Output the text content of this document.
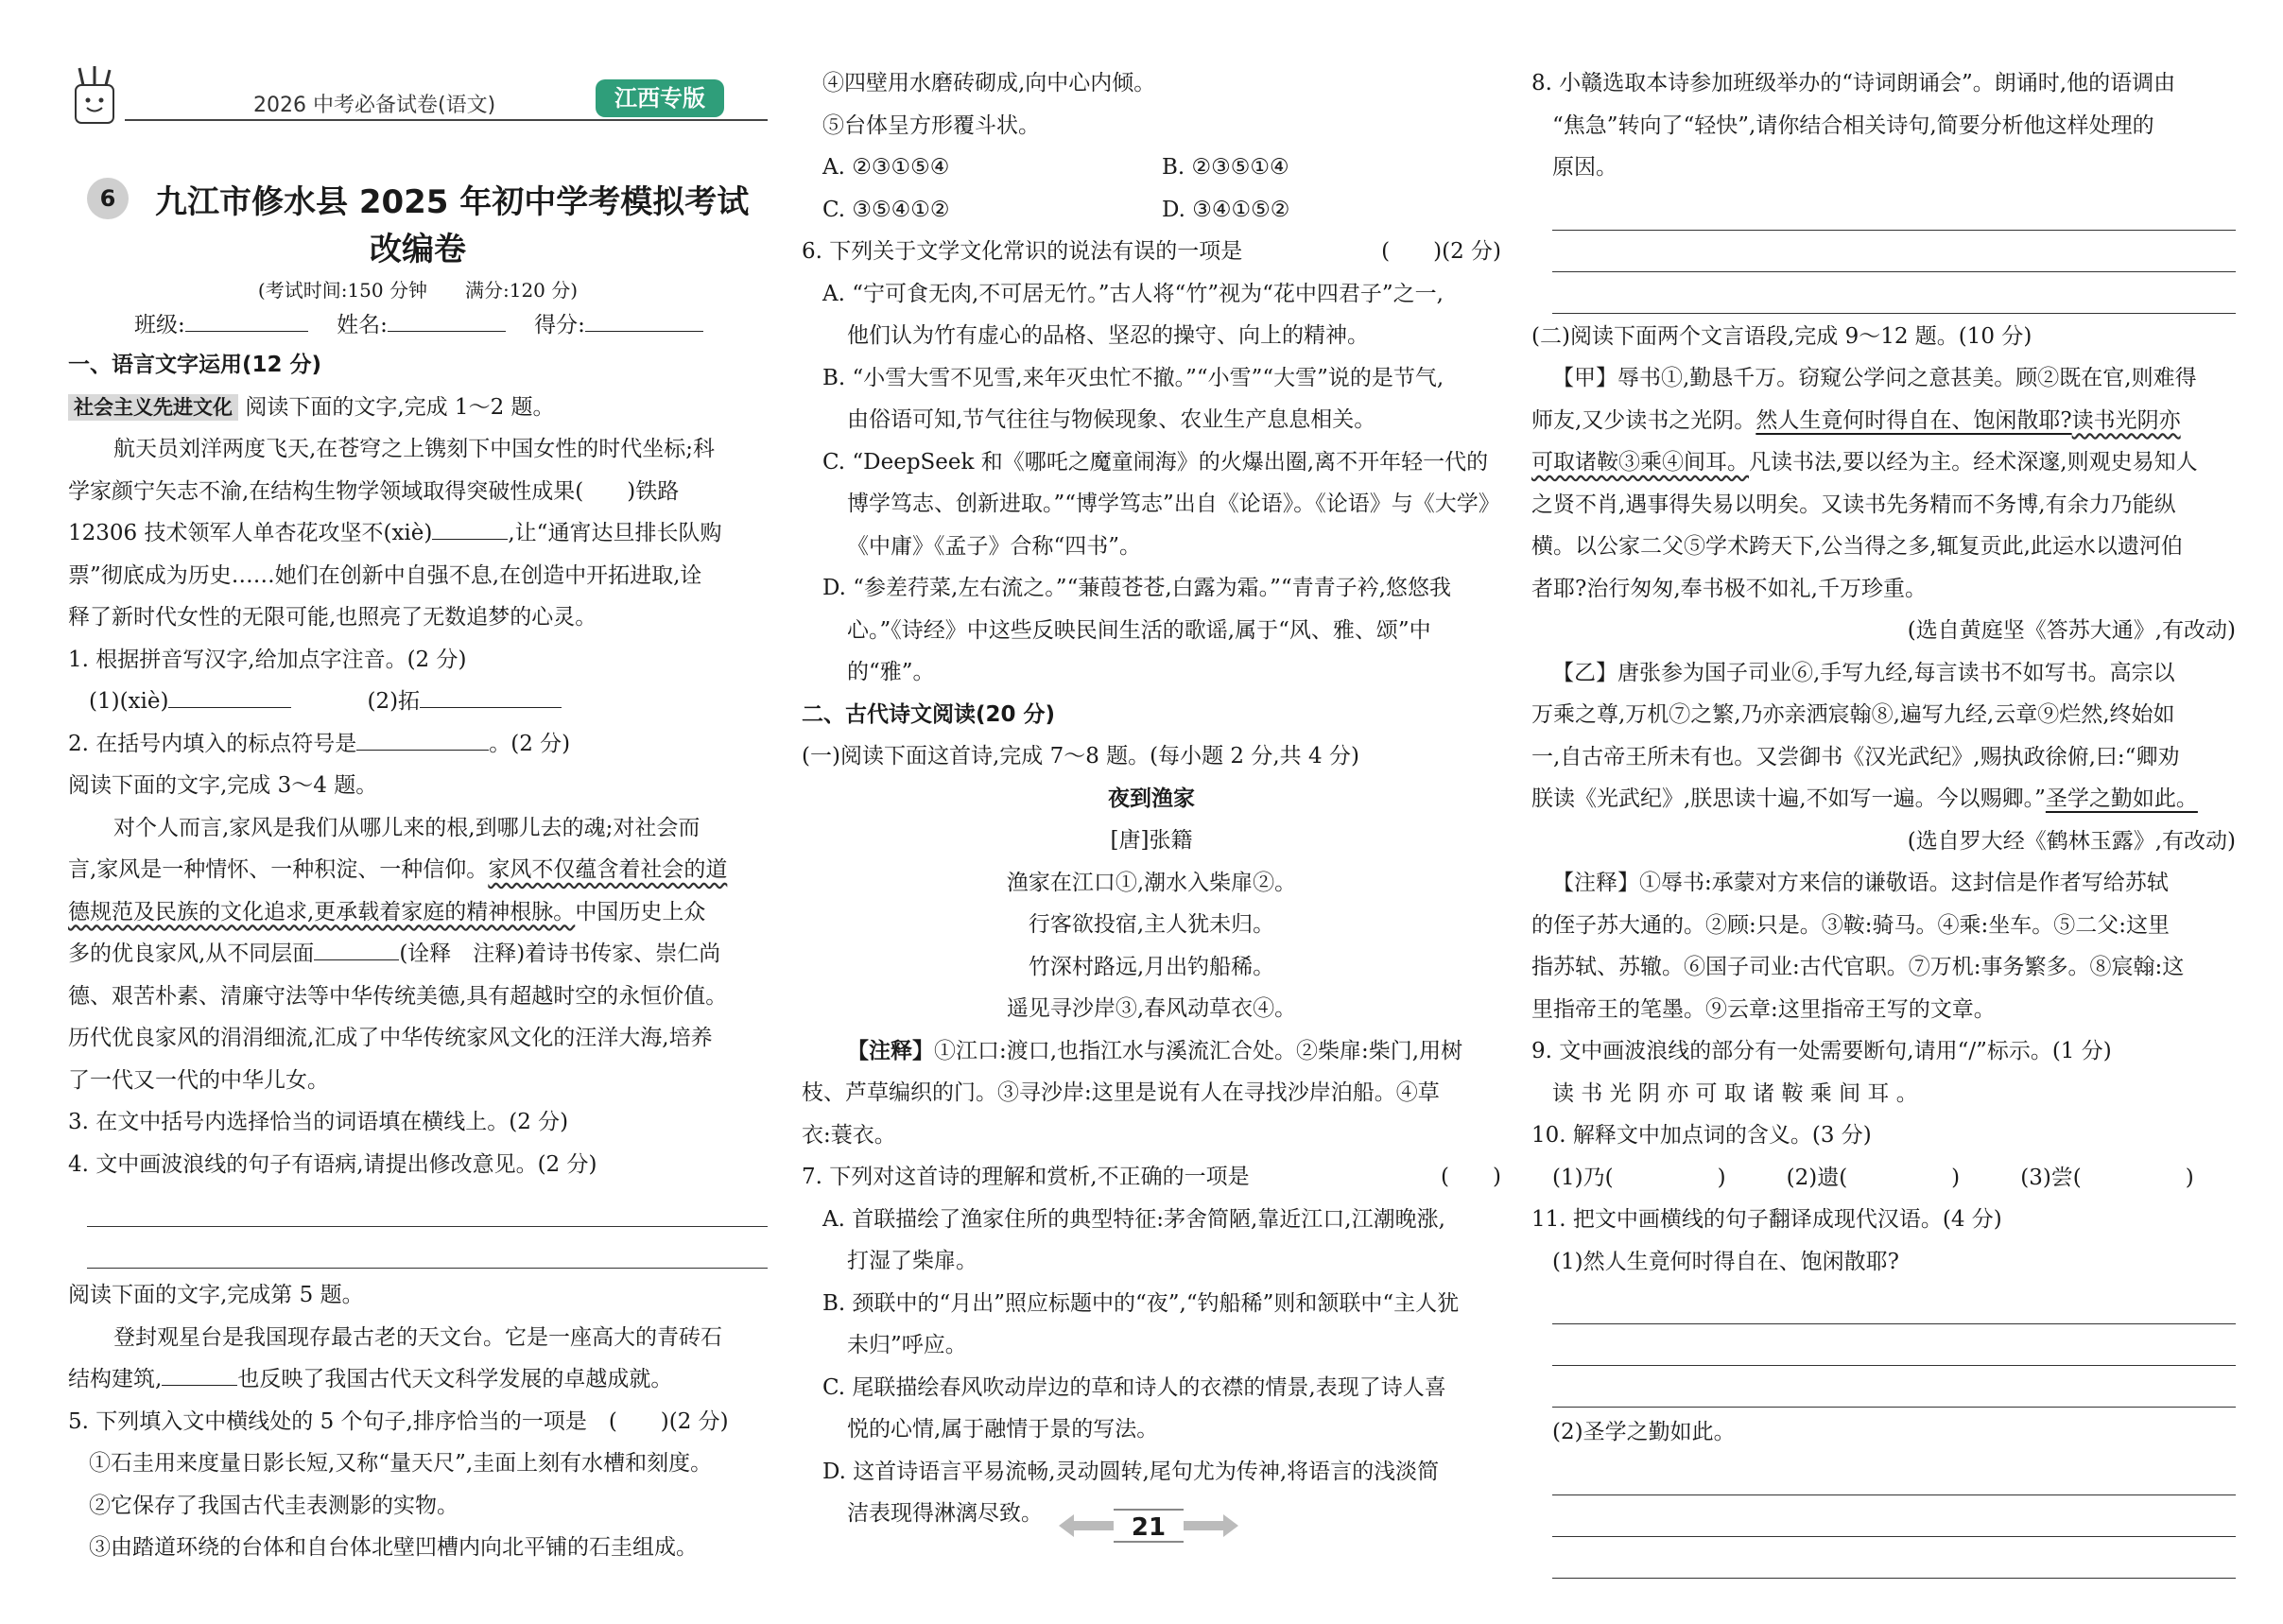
2026 中考必备试卷(语文)	江西专版
6	九江市修水县 2025 年初中学考模拟考试
改编卷
(考试时间:150 分钟　　满分:120 分)
班级:　	姓名:　	得分:
一、语言文字运用(12 分)
社会主义先进文化 阅读下面的文字,完成 1～2 题。
航天员刘洋两度飞天,在苍穹之上镌刻下中国女性的时代坐标;科
学家颜宁矢志不渝,在结构生物学领域取得突破性成果(　　)铁路
12306 技术领军人单杏花攻坚不(xiè)	,让“通宵达旦排长队购
票”彻底成为历史……她们在创新中自强不息,在创造中开拓进取,诠
释了新时代女性的无限可能,也照亮了无数追梦的心灵。
1. 根据拼音写汉字,给加点字注音。(2 分)
(1)(xiè)	(2)拓
2. 在括号内填入的标点符号是	。(2 分)
阅读下面的文字,完成 3～4 题。
对个人而言,家风是我们从哪儿来的根,到哪儿去的魂;对社会而
言,家风是一种情怀、一种积淀、一种信仰。家风不仅蕴含着社会的道
德规范及民族的文化追求,更承载着家庭的精神根脉。中国历史上众
多的优良家风,从不同层面	(诠释　注释)着诗书传家、崇仁尚
德、艰苦朴素、清廉守法等中华传统美德,具有超越时空的永恒价值。
历代优良家风的涓涓细流,汇成了中华传统家风文化的汪洋大海,培养
了一代又一代的中华儿女。
3. 在文中括号内选择恰当的词语填在横线上。(2 分)
4. 文中画波浪线的句子有语病,请提出修改意见。(2 分)
阅读下面的文字,完成第 5 题。
登封观星台是我国现存最古老的天文台。它是一座高大的青砖石
结构建筑,	也反映了我国古代天文科学发展的卓越成就。
5. 下列填入文中横线处的 5 个句子,排序恰当的一项是　(　　)(2 分)
①石圭用来度量日影长短,又称“量天尺”,圭面上刻有水槽和刻度。
②它保存了我国古代圭表测影的实物。
③由踏道环绕的台体和自台体北壁凹槽内向北平铺的石圭组成。
④四壁用水磨砖砌成,向中心内倾。
⑤台体呈方形覆斗状。
A. ②③①⑤④	B. ②③⑤①④
C. ③⑤④①②	D. ③④①⑤②
6. 下列关于文学文化常识的说法有误的一项是	(　　)(2 分)
A. “宁可食无肉,不可居无竹。”古人将“竹”视为“花中四君子”之一,
他们认为竹有虚心的品格、坚忍的操守、向上的精神。
B. “小雪大雪不见雪,来年灭虫忙不撤。”“小雪”“大雪”说的是节气,
由俗语可知,节气往往与物候现象、农业生产息息相关。
C. “DeepSeek 和《哪吒之魔童闹海》的火爆出圈,离不开年轻一代的
博学笃志、创新进取。”“博学笃志”出自《论语》。《论语》与《大学》
《中庸》《孟子》合称“四书”。
D. “参差荇菜,左右流之。”“蒹葭苍苍,白露为霜。”“青青子衿,悠悠我
心。”《诗经》中这些反映民间生活的歌谣,属于“风、雅、颂”中
的“雅”。
二、古代诗文阅读(20 分)
(一)阅读下面这首诗,完成 7～8 题。(每小题 2 分,共 4 分)
夜到渔家
[唐]张籍
渔家在江口①,潮水入柴扉②。
行客欲投宿,主人犹未归。
竹深村路远,月出钓船稀。
遥见寻沙岸③,春风动草衣④。
【注释】①江口:渡口,也指江水与溪流汇合处。②柴扉:柴门,用树
枝、芦草编织的门。③寻沙岸:这里是说有人在寻找沙岸泊船。④草
衣:蓑衣。
7. 下列对这首诗的理解和赏析,不正确的一项是	(　　)
A. 首联描绘了渔家住所的典型特征:茅舍简陋,靠近江口,江潮晚涨,
打湿了柴扉。
B. 颈联中的“月出”照应标题中的“夜”,“钓船稀”则和颔联中“主人犹
未归”呼应。
C. 尾联描绘春风吹动岸边的草和诗人的衣襟的情景,表现了诗人喜
悦的心情,属于融情于景的写法。
D. 这首诗语言平易流畅,灵动圆转,尾句尤为传神,将语言的浅淡简
洁表现得淋漓尽致。
8. 小赣选取本诗参加班级举办的“诗词朗诵会”。朗诵时,他的语调由
“焦急”转向了“轻快”,请你结合相关诗句,简要分析他这样处理的
原因。
(二)阅读下面两个文言语段,完成 9～12 题。(10 分)
【甲】辱书①,勤恳千万。窃窥公学问之意甚美。顾②既在官,则难得
师友,又少读书之光阴。然人生竟何时得自在、饱闲散耶?读书光阴亦
可取诸鞍③乘④间耳。凡读书法,要以经为主。经术深邃,则观史易知人
之贤不肖,遇事得失易以明矣。又读书先务精而不务博,有余力乃能纵
横。以公家二父⑤学术跨天下,公当得之多,辄复贡此,此运水以遗河伯
者耶?治行匆匆,奉书极不如礼,千万珍重。
(选自黄庭坚《答苏大通》,有改动)
【乙】唐张参为国子司业⑥,手写九经,每言读书不如写书。高宗以
万乘之尊,万机⑦之繁,乃亦亲洒宸翰⑧,遍写九经,云章⑨烂然,终始如
一,自古帝王所未有也。又尝御书《汉光武纪》,赐执政徐俯,曰:“卿劝
朕读《光武纪》,朕思读十遍,不如写一遍。今以赐卿。”圣学之勤如此。
(选自罗大经《鹤林玉露》,有改动)
【注释】①辱书:承蒙对方来信的谦敬语。这封信是作者写给苏轼
的侄子苏大通的。②顾:只是。③鞍:骑马。④乘:坐车。⑤二父:这里
指苏轼、苏辙。⑥国子司业:古代官职。⑦万机:事务繁多。⑧宸翰:这
里指帝王的笔墨。⑨云章:这里指帝王写的文章。
9. 文中画波浪线的部分有一处需要断句,请用“/”标示。(1 分)
读 书 光 阴 亦 可 取 诸 鞍 乘 间 耳 。
10. 解释文中加点词的含义。(3 分)
(1)乃(	)	(2)遗(	)	(3)尝(	)
11. 把文中画横线的句子翻译成现代汉语。(4 分)
(1)然人生竟何时得自在、饱闲散耶?
(2)圣学之勤如此。
21
